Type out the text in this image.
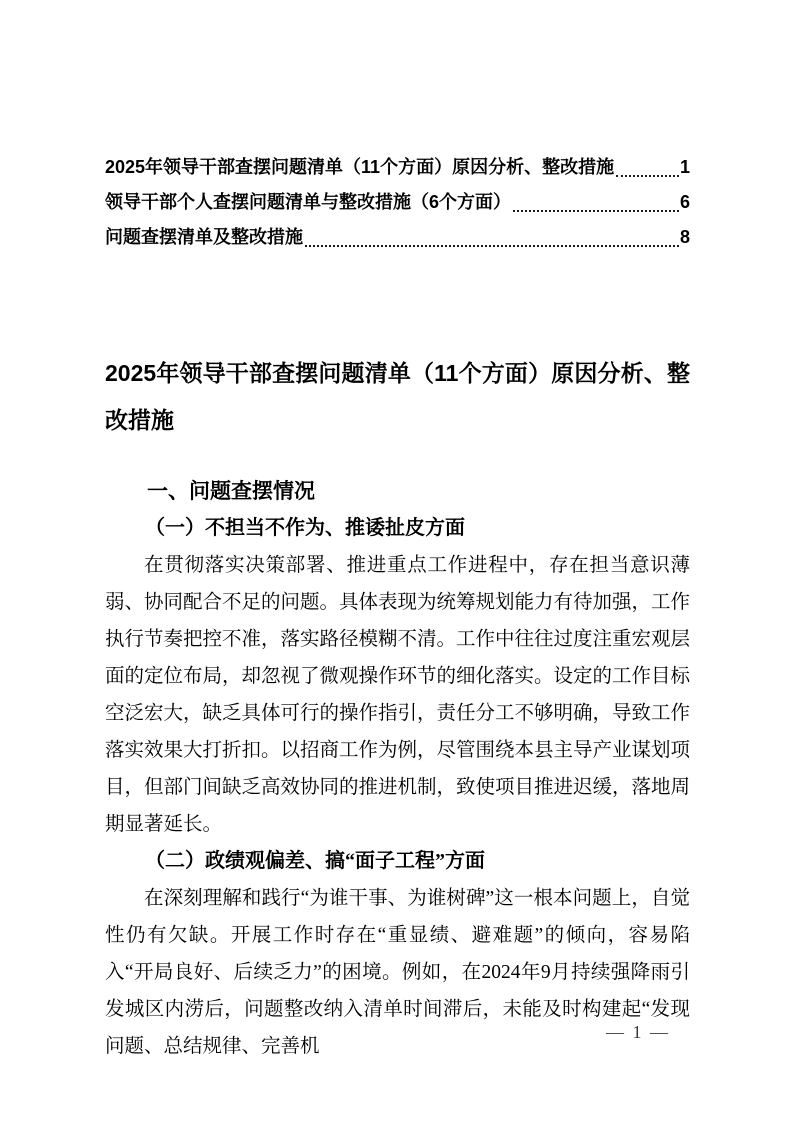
2025年领导干部查摆问题清单（11个方面）原因分析、整改措施	1
领导干部个人查摆问题清单与整改措施（6个方面）	6
问题查摆清单及整改措施	8
2025年领导干部查摆问题清单（11个方面）原因分析、整改措施
一、问题查摆情况
（一）不担当不作为、推诿扯皮方面

在贯彻落实决策部署、推进重点工作进程中，存在担当意识薄弱、协同配合不足的问题。具体表现为统筹规划能力有待加强，工作执行节奏把控不准，落实路径模糊不清。工作中往往过度注重宏观层面的定位布局，却忽视了微观操作环节的细化落实。设定的工作目标空泛宏大，缺乏具体可行的操作指引，责任分工不够明确，导致工作落实效果大打折扣。以招商工作为例，尽管围绕本县主导产业谋划项目，但部门间缺乏高效协同的推进机制，致使项目推进迟缓，落地周期显著延长。

（二）政绩观偏差、搞“面子工程”方面

在深刻理解和践行“为谁干事、为谁树碑”这一根本问题上，自觉性仍有欠缺。开展工作时存在“重显绩、避难题”的倾向，容易陷入“开局良好、后续乏力”的困境。例如，在2024年9月持续强降雨引发城区内涝后，问题整改纳入清单时间滞后，未能及时构建起“发现问题、总结规律、完善机

— 1 —
